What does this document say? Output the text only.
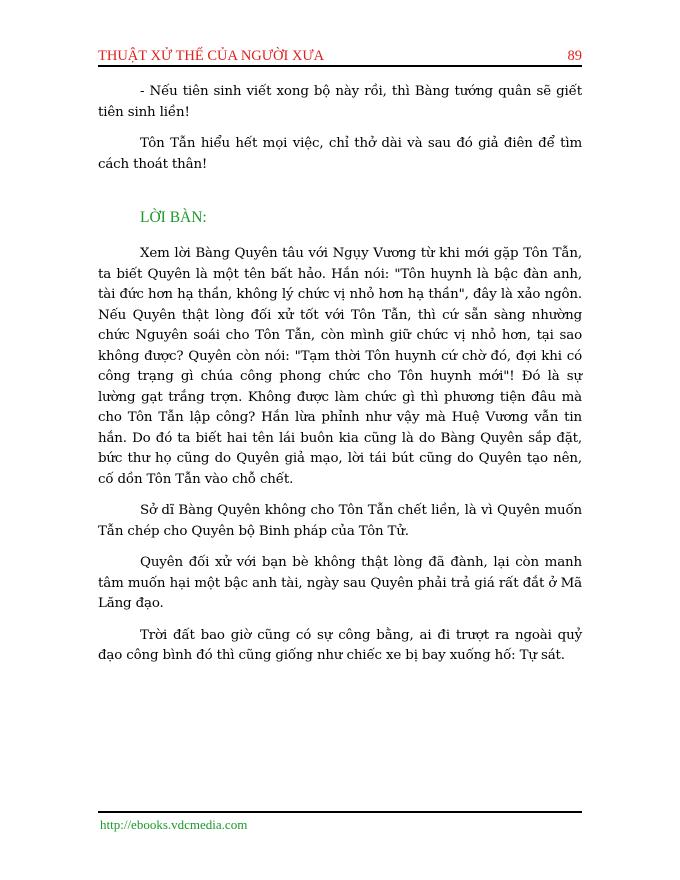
THUẬT XỬ THẾ CỦA NGƯỜI XƯA	89

- Nếu tiên sinh viết xong bộ này rồi, thì Bàng tướng quân sẽ giết tiên sinh liền!

Tôn Tẫn hiểu hết mọi việc, chỉ thở dài và sau đó giả điên để tìm cách thoát thân!

LỜI BÀN:

Xem lời Bàng Quyên tâu với Ngụy Vương từ khi mới gặp Tôn Tẫn, ta biết Quyên là một tên bất hảo. Hắn nói: "Tôn huynh là bậc đàn anh, tài đức hơn hạ thần, không lý chức vị nhỏ hơn hạ thần", đây là xảo ngôn. Nếu Quyên thật lòng đối xử tốt với Tôn Tẫn, thì cứ sẵn sàng nhường chức Nguyên soái cho Tôn Tẫn, còn mình giữ chức vị nhỏ hơn, tại sao không được? Quyên còn nói: "Tạm thời Tôn huynh cứ chờ đó, đợi khi có công trạng gì chúa công phong chức cho Tôn huynh mới"! Đó là sự lường gạt trắng trợn. Không được làm chức gì thì phương tiện đâu mà cho Tôn Tẫn lập công? Hắn lừa phỉnh như vậy mà Huệ Vương vẫn tin hắn. Do đó ta biết hai tên lái buôn kia cũng là do Bàng Quyên sắp đặt, bức thư họ cũng do Quyên giả mạo, lời tái bút cũng do Quyên tạo nên, cố dồn Tôn Tẫn vào chỗ chết.

Sở dĩ Bàng Quyên không cho Tôn Tẫn chết liền, là vì Quyên muốn Tẫn chép cho Quyên bộ Binh pháp của Tôn Tử.

Quyên đối xử với bạn bè không thật lòng đã đành, lại còn manh tâm muốn hại một bậc anh tài, ngày sau Quyên phải trả giá rất đắt ở Mã Lăng đạo.

Trời đất bao giờ cũng có sự công bằng, ai đi trượt ra ngoài quỷ đạo công bình đó thì cũng giống như chiếc xe bị bay xuống hố: Tự sát.

http://ebooks.vdcmedia.com
